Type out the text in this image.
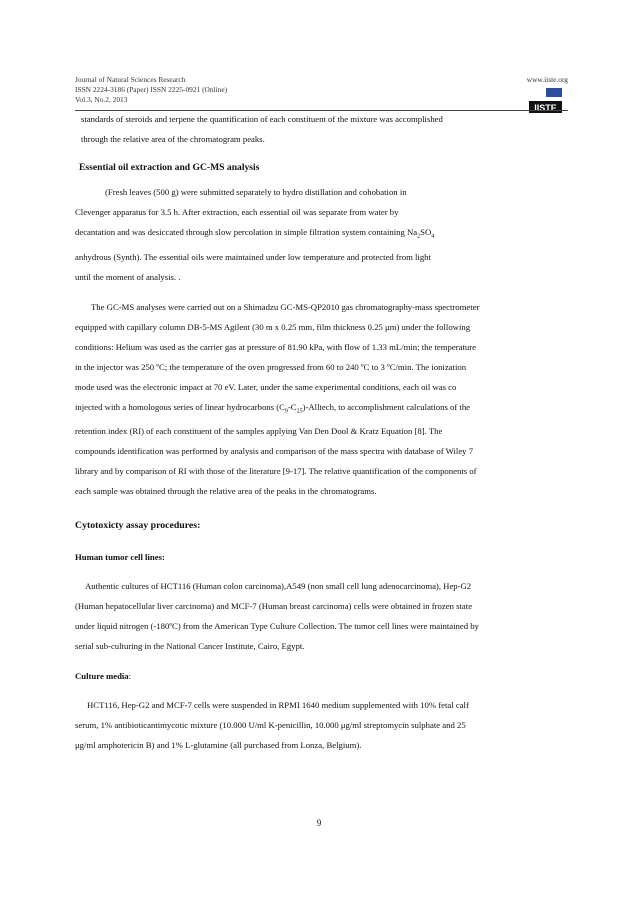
Journal of Natural Sciences Research
ISSN 2224-3186 (Paper) ISSN 2225-0921 (Online)
Vol.3, No.2, 2013
www.iiste.org
IISTE

standards of steroids and terpene the quantification of each constituent of the mixture was accomplished

through the relative area of the chromatogram peaks.

Essential oil extraction and GC-MS analysis

(Fresh leaves (500 g) were submitted separately to hydro distillation and cohobation in

Clevenger apparatus for 3.5 h. After extraction, each essential oil was separate from water by

decantation and was desiccated through slow percolation in simple filtration system containing $Na_2SO_4$

anhydrous (Synth). The essential oils were maintained under low temperature and protected from light

until the moment of analysis. .

The GC-MS analyses were carried out on a Shimadzu GC-MS-QP2010 gas chromatography-mass spectrometer

equipped with capillary column DB-5-MS Agilent (30 m x 0.25 mm, film thickness 0.25 μm) under the following

conditions: Helium was used as the carrier gas at pressure of 81.90 kPa, with flow of 1.33 mL/min; the temperature

in the injector was 250 ºC; the temperature of the oven progressed from 60 to 240 ºC to 3 ºC/min. The ionization

mode used was the electronic impact at 70 eV. Later, under the same experimental conditions, each oil was co

injected with a homologous series of linear hydrocarbons $(C_9-C_{25})$-Alltech, to accomplishment calculations of the

retention index (RI) of each constituent of the samples applying Van Den Dool & Kratz Equation [8]. The

compounds identification was performed by analysis and comparison of the mass spectra with database of Wiley 7

library and by comparison of RI with those of the literature [9-17]. The relative quantification of the components of

each sample was obtained through the relative area of the peaks in the chromatograms.

Cytotoxicty assay procedures:

Human tumor cell lines:

Authentic cultures of HCT116 (Human colon carcinoma),A549 (non small cell lung adenocarcinoma), Hep-G2

(Human hepatocellular liver carcinoma) and MCF-7 (Human breast carcinoma) cells were obtained in frozen state

under liquid nitrogen (-180ºC) from the American Type Culture Collection. The tumor cell lines were maintained by

serial sub-culturing in the National Cancer Institute, Cairo, Egypt.

Culture media:

HCT116, Hep-G2 and MCF-7 cells were suspended in RPMI 1640 medium supplemented with 10% fetal calf

serum, 1% antibioticantimycotic mixture (10.000 U/ml K-penicillin, 10.000 μg/ml streptomycin sulphate and 25

μg/ml amphotericin B) and 1% L-glutamine (all purchased from Lonza, Belgium).

9
